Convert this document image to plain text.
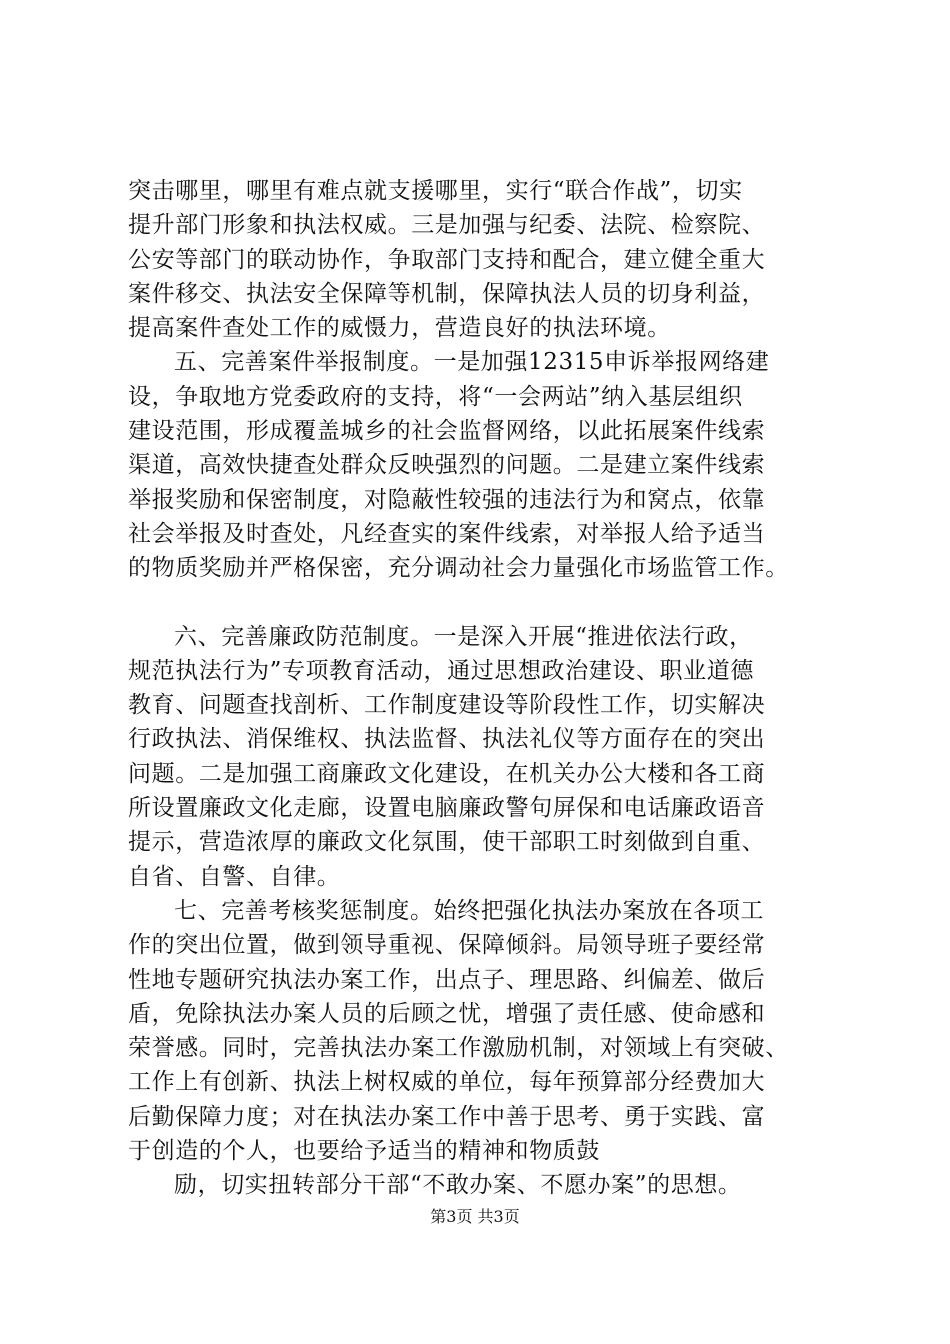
突击哪里，哪里有难点就支援哪里，实行“联合作战”，切实
提升部门形象和执法权威。三是加强与纪委、法院、检察院、
公安等部门的联动协作，争取部门支持和配合，建立健全重大
案件移交、执法安全保障等机制，保障执法人员的切身利益，
提高案件查处工作的威慑力，营造良好的执法环境。
五、完善案件举报制度。一是加强12315申诉举报网络建
设，争取地方党委政府的支持，将“一会两站”纳入基层组织
建设范围，形成覆盖城乡的社会监督网络，以此拓展案件线索
渠道，高效快捷查处群众反映强烈的问题。二是建立案件线索
举报奖励和保密制度，对隐蔽性较强的违法行为和窝点，依靠
社会举报及时查处，凡经查实的案件线索，对举报人给予适当
的物质奖励并严格保密，充分调动社会力量强化市场监管工作。
六、完善廉政防范制度。一是深入开展“推进依法行政，
规范执法行为”专项教育活动，通过思想政治建设、职业道德
教育、问题查找剖析、工作制度建设等阶段性工作，切实解决
行政执法、消保维权、执法监督、执法礼仪等方面存在的突出
问题。二是加强工商廉政文化建设，在机关办公大楼和各工商
所设置廉政文化走廊，设置电脑廉政警句屏保和电话廉政语音
提示，营造浓厚的廉政文化氛围，使干部职工时刻做到自重、
自省、自警、自律。
七、完善考核奖惩制度。始终把强化执法办案放在各项工
作的突出位置，做到领导重视、保障倾斜。局领导班子要经常
性地专题研究执法办案工作，出点子、理思路、纠偏差、做后
盾，免除执法办案人员的后顾之忧，增强了责任感、使命感和
荣誉感。同时，完善执法办案工作激励机制，对领域上有突破、
工作上有创新、执法上树权威的单位，每年预算部分经费加大
后勤保障力度；对在执法办案工作中善于思考、勇于实践、富
于创造的个人，也要给予适当的精神和物质鼓
励，切实扭转部分干部“不敢办案、不愿办案”的思想。
第3页 共3页
